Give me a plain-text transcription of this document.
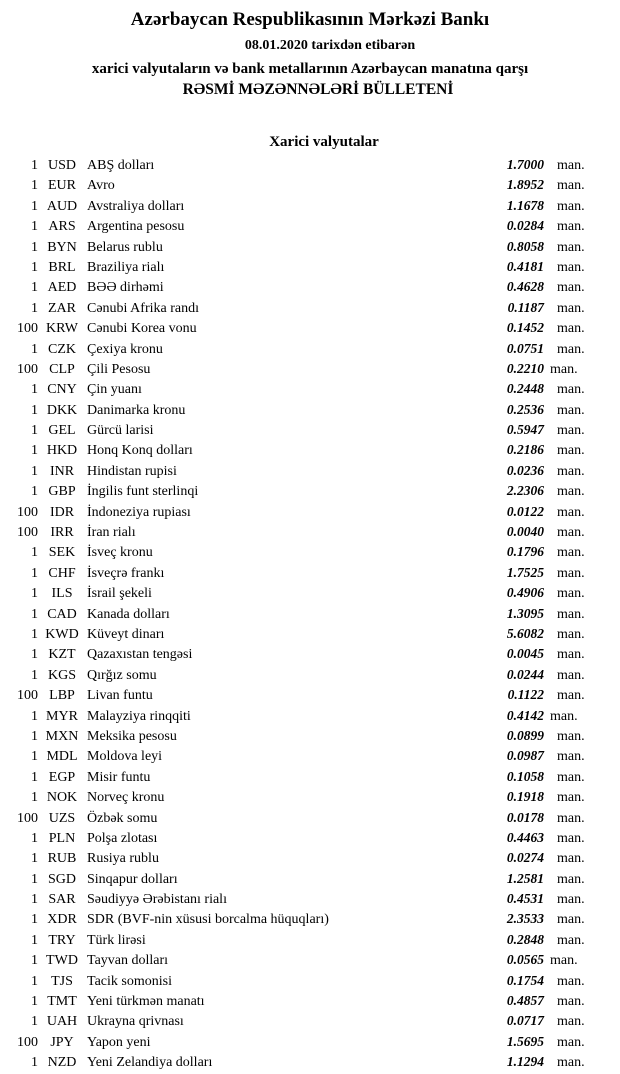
Azərbaycan Respublikasının Mərkəzi Bankı
08.01.2020 tarixdən etibarən
xarici valyutaların və bank metallarının Azərbaycan manatına qarşı
RƏSMİ MƏZƏNNƏLƏRİ BÜLLETENİ
Xarici valyutalar
1 USD ABŞ dolları	1.7000 man.
1 EUR Avro	1.8952 man.
1 AUD Avstraliya dolları	1.1678 man.
1 ARS Argentina pesosu	0.0284 man.
1 BYN Belarus rublu	0.8058 man.
1 BRL Braziliya rialı	0.4181 man.
1 AED BƏƏ dirhəmi	0.4628 man.
1 ZAR Cənubi Afrika randı	0.1187 man.
100 KRW Cənubi Korea vonu	0.1452 man.
1 CZK Çexiya kronu	0.0751 man.
100 CLP Çili Pesosu	0.2210 man.
1 CNY Çin yuanı	0.2448 man.
1 DKK Danimarka kronu	0.2536 man.
1 GEL Gürcü larisi	0.5947 man.
1 HKD Honq Konq dolları	0.2186 man.
1 INR Hindistan rupisi	0.0236 man.
1 GBP İngilis funt sterlinqi	2.2306 man.
100 IDR İndoneziya rupiası	0.0122 man.
100 IRR İran rialı	0.0040 man.
1 SEK İsveç kronu	0.1796 man.
1 CHF İsveçrə frankı	1.7525 man.
1 ILS	İsrail şekeli	0.4906 man.
1 CAD Kanada dolları	1.3095 man.
1 KWD Küveyt dinarı	5.6082 man.
1 KZT Qazaxıstan tengəsi	0.0045 man.
1 KGS Qırğız somu	0.0244 man.
100 LBP Livan funtu	0.1122 man.
1 MYR Malayziya rinqqiti	0.4142 man.
1 MXN Meksika pesosu	0.0899 man.
1 MDL Moldova leyi	0.0987 man.
1 EGP Misir funtu	0.1058 man.
1 NOK Norveç kronu	0.1918 man.
100 UZS Özbək somu	0.0178 man.
1 PLN Polşa zlotası	0.4463 man.
1 RUB Rusiya rublu	0.0274 man.
1 SGD Sinqapur dolları	1.2581 man.
1 SAR Səudiyyə Ərəbistanı rialı	0.4531 man.
1 XDR SDR (BVF-nin xüsusi borcalma hüquqları)	2.3533 man.
1 TRY Türk lirəsi	0.2848 man.
1 TWD Tayvan dolları	0.0565 man.
1 TJS	Tacik somonisi	0.1754 man.
1 TMT Yeni türkmən manatı	0.4857 man.
1 UAH Ukrayna qrivnası	0.0717 man.
100 JPY Yapon yeni	1.5695 man.
1 NZD Yeni Zelandiya dolları	1.1294 man.
